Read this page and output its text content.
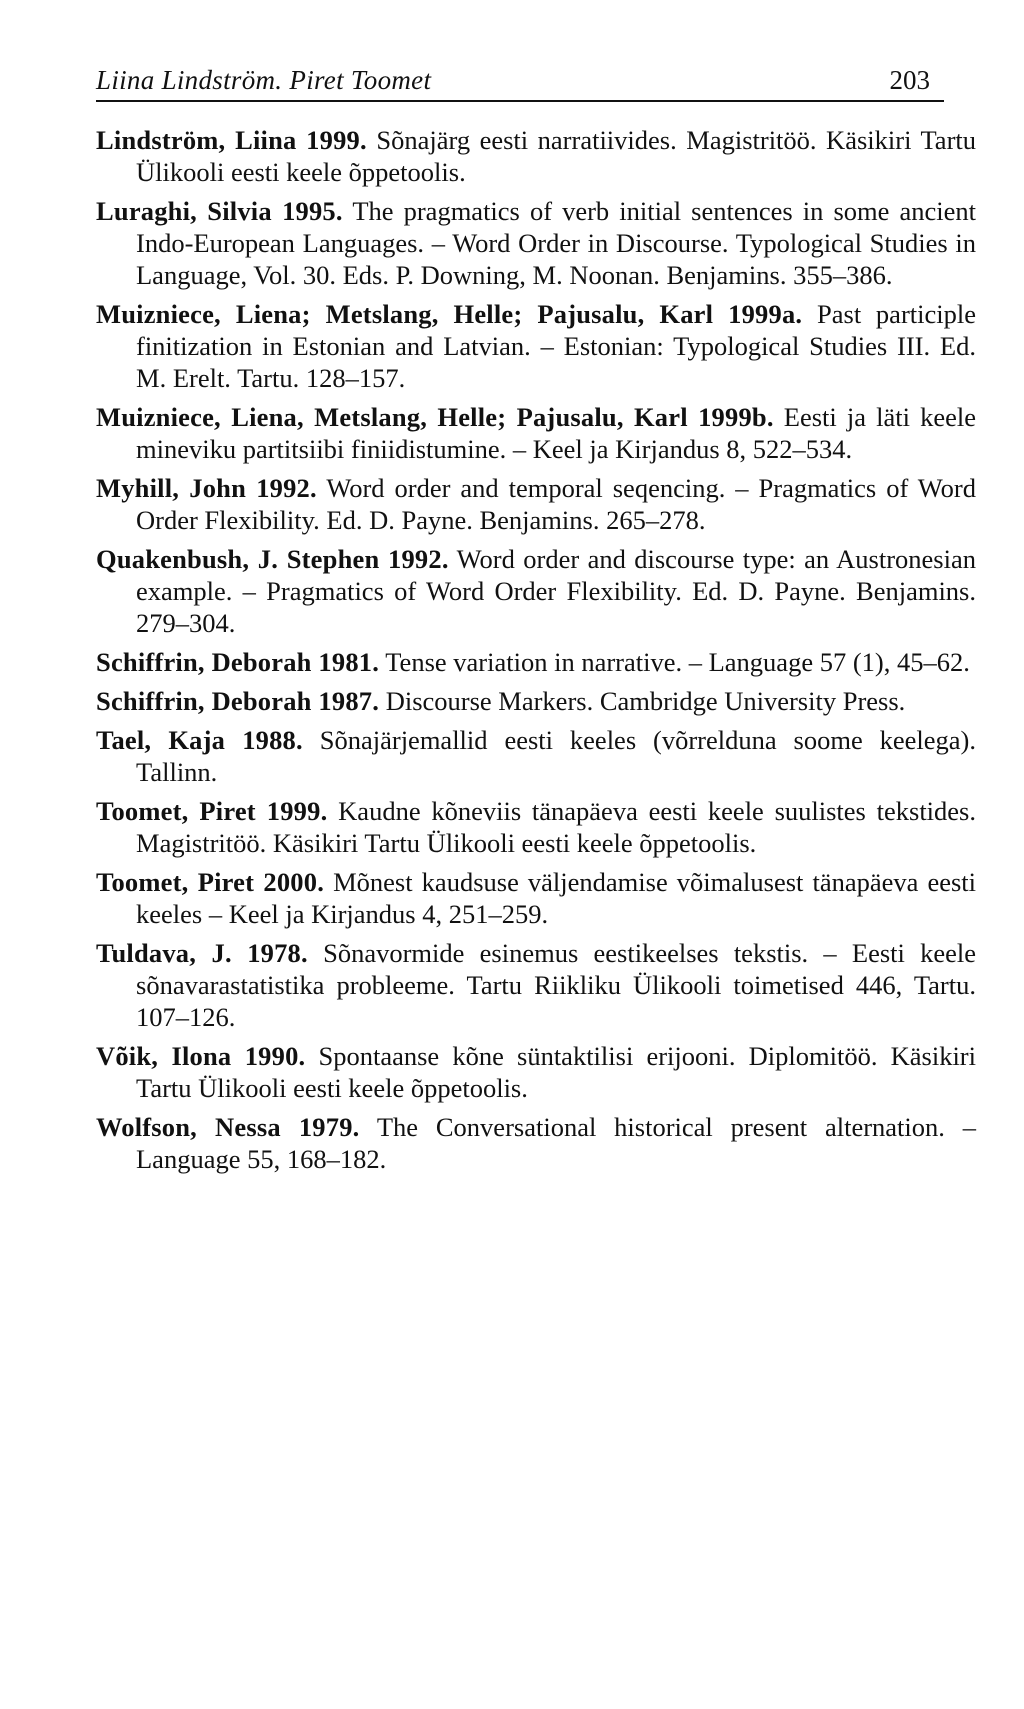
Liina Lindström. Piret Toomet	203
Lindström, Liina 1999. Sõnajärg eesti narratiivides. Magistritöö. Käsikiri Tartu Ülikooli eesti keele õppetoolis.
Luraghi, Silvia 1995. The pragmatics of verb initial sentences in some ancient Indo-European Languages. – Word Order in Discourse. Typological Studies in Language, Vol. 30. Eds. P. Downing, M. Noonan. Benjamins. 355–386.
Muizniece, Liena; Metslang, Helle; Pajusalu, Karl 1999a. Past participle finitization in Estonian and Latvian. – Estonian: Typological Studies III. Ed. M. Erelt. Tartu. 128–157.
Muizniece, Liena, Metslang, Helle; Pajusalu, Karl 1999b. Eesti ja läti keele mineviku partitsiibi finiidistumine. – Keel ja Kirjandus 8, 522–534.
Myhill, John 1992. Word order and temporal seqencing. – Pragmatics of Word Order Flexibility. Ed. D. Payne. Benjamins. 265–278.
Quakenbush, J. Stephen 1992. Word order and discourse type: an Austronesian example. – Pragmatics of Word Order Flexibility. Ed. D. Payne. Benjamins. 279–304.
Schiffrin, Deborah 1981. Tense variation in narrative. – Language 57 (1), 45–62.
Schiffrin, Deborah 1987. Discourse Markers. Cambridge University Press.
Tael, Kaja 1988. Sõnajärjemallid eesti keeles (võrrelduna soome keelega). Tallinn.
Toomet, Piret 1999. Kaudne kõneviis tänapäeva eesti keele suulistes tekstides. Magistritöö. Käsikiri Tartu Ülikooli eesti keele õppetoolis.
Toomet, Piret 2000. Mõnest kaudsuse väljendamise võimalusest tänapäeva eesti keeles – Keel ja Kirjandus 4, 251–259.
Tuldava, J. 1978. Sõnavormide esinemus eestikeelses tekstis. – Eesti keele sõnavarastatistika probleeme. Tartu Riikliku Ülikooli toimetised 446, Tartu. 107–126.
Võik, Ilona 1990. Spontaanse kõne süntaktilisi erijooni. Diplomitöö. Käsikiri Tartu Ülikooli eesti keele õppetoolis.
Wolfson, Nessa 1979. The Conversational historical present alternation. – Language 55, 168–182.
